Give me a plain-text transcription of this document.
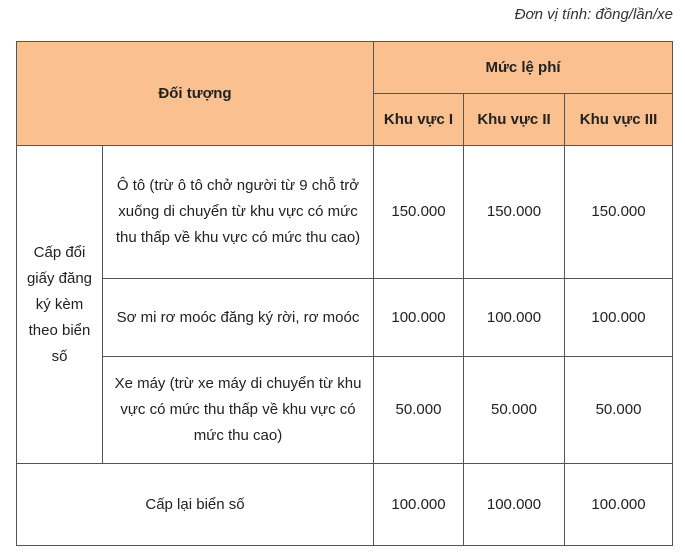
Đơn vị tính: đồng/lần/xe
Đối tượng		Mức lệ phí		
		Khu vực I	Khu vực II	Khu vực III
Cấp đổi giấy đăng ký kèm theo biển số	Ô tô (trừ ô tô chở người từ 9 chỗ trở xuống di chuyển từ khu vực có mức thu thấp về khu vực có mức thu cao)	150.000	150.000	150.000
	Sơ mi rơ moóc đăng ký rời, rơ moóc	100.000	100.000	100.000
	Xe máy (trừ xe máy di chuyển từ khu vực có mức thu thấp về khu vực có mức thu cao)	50.000	50.000	50.000
Cấp lại biển số		100.000	100.000	100.000
